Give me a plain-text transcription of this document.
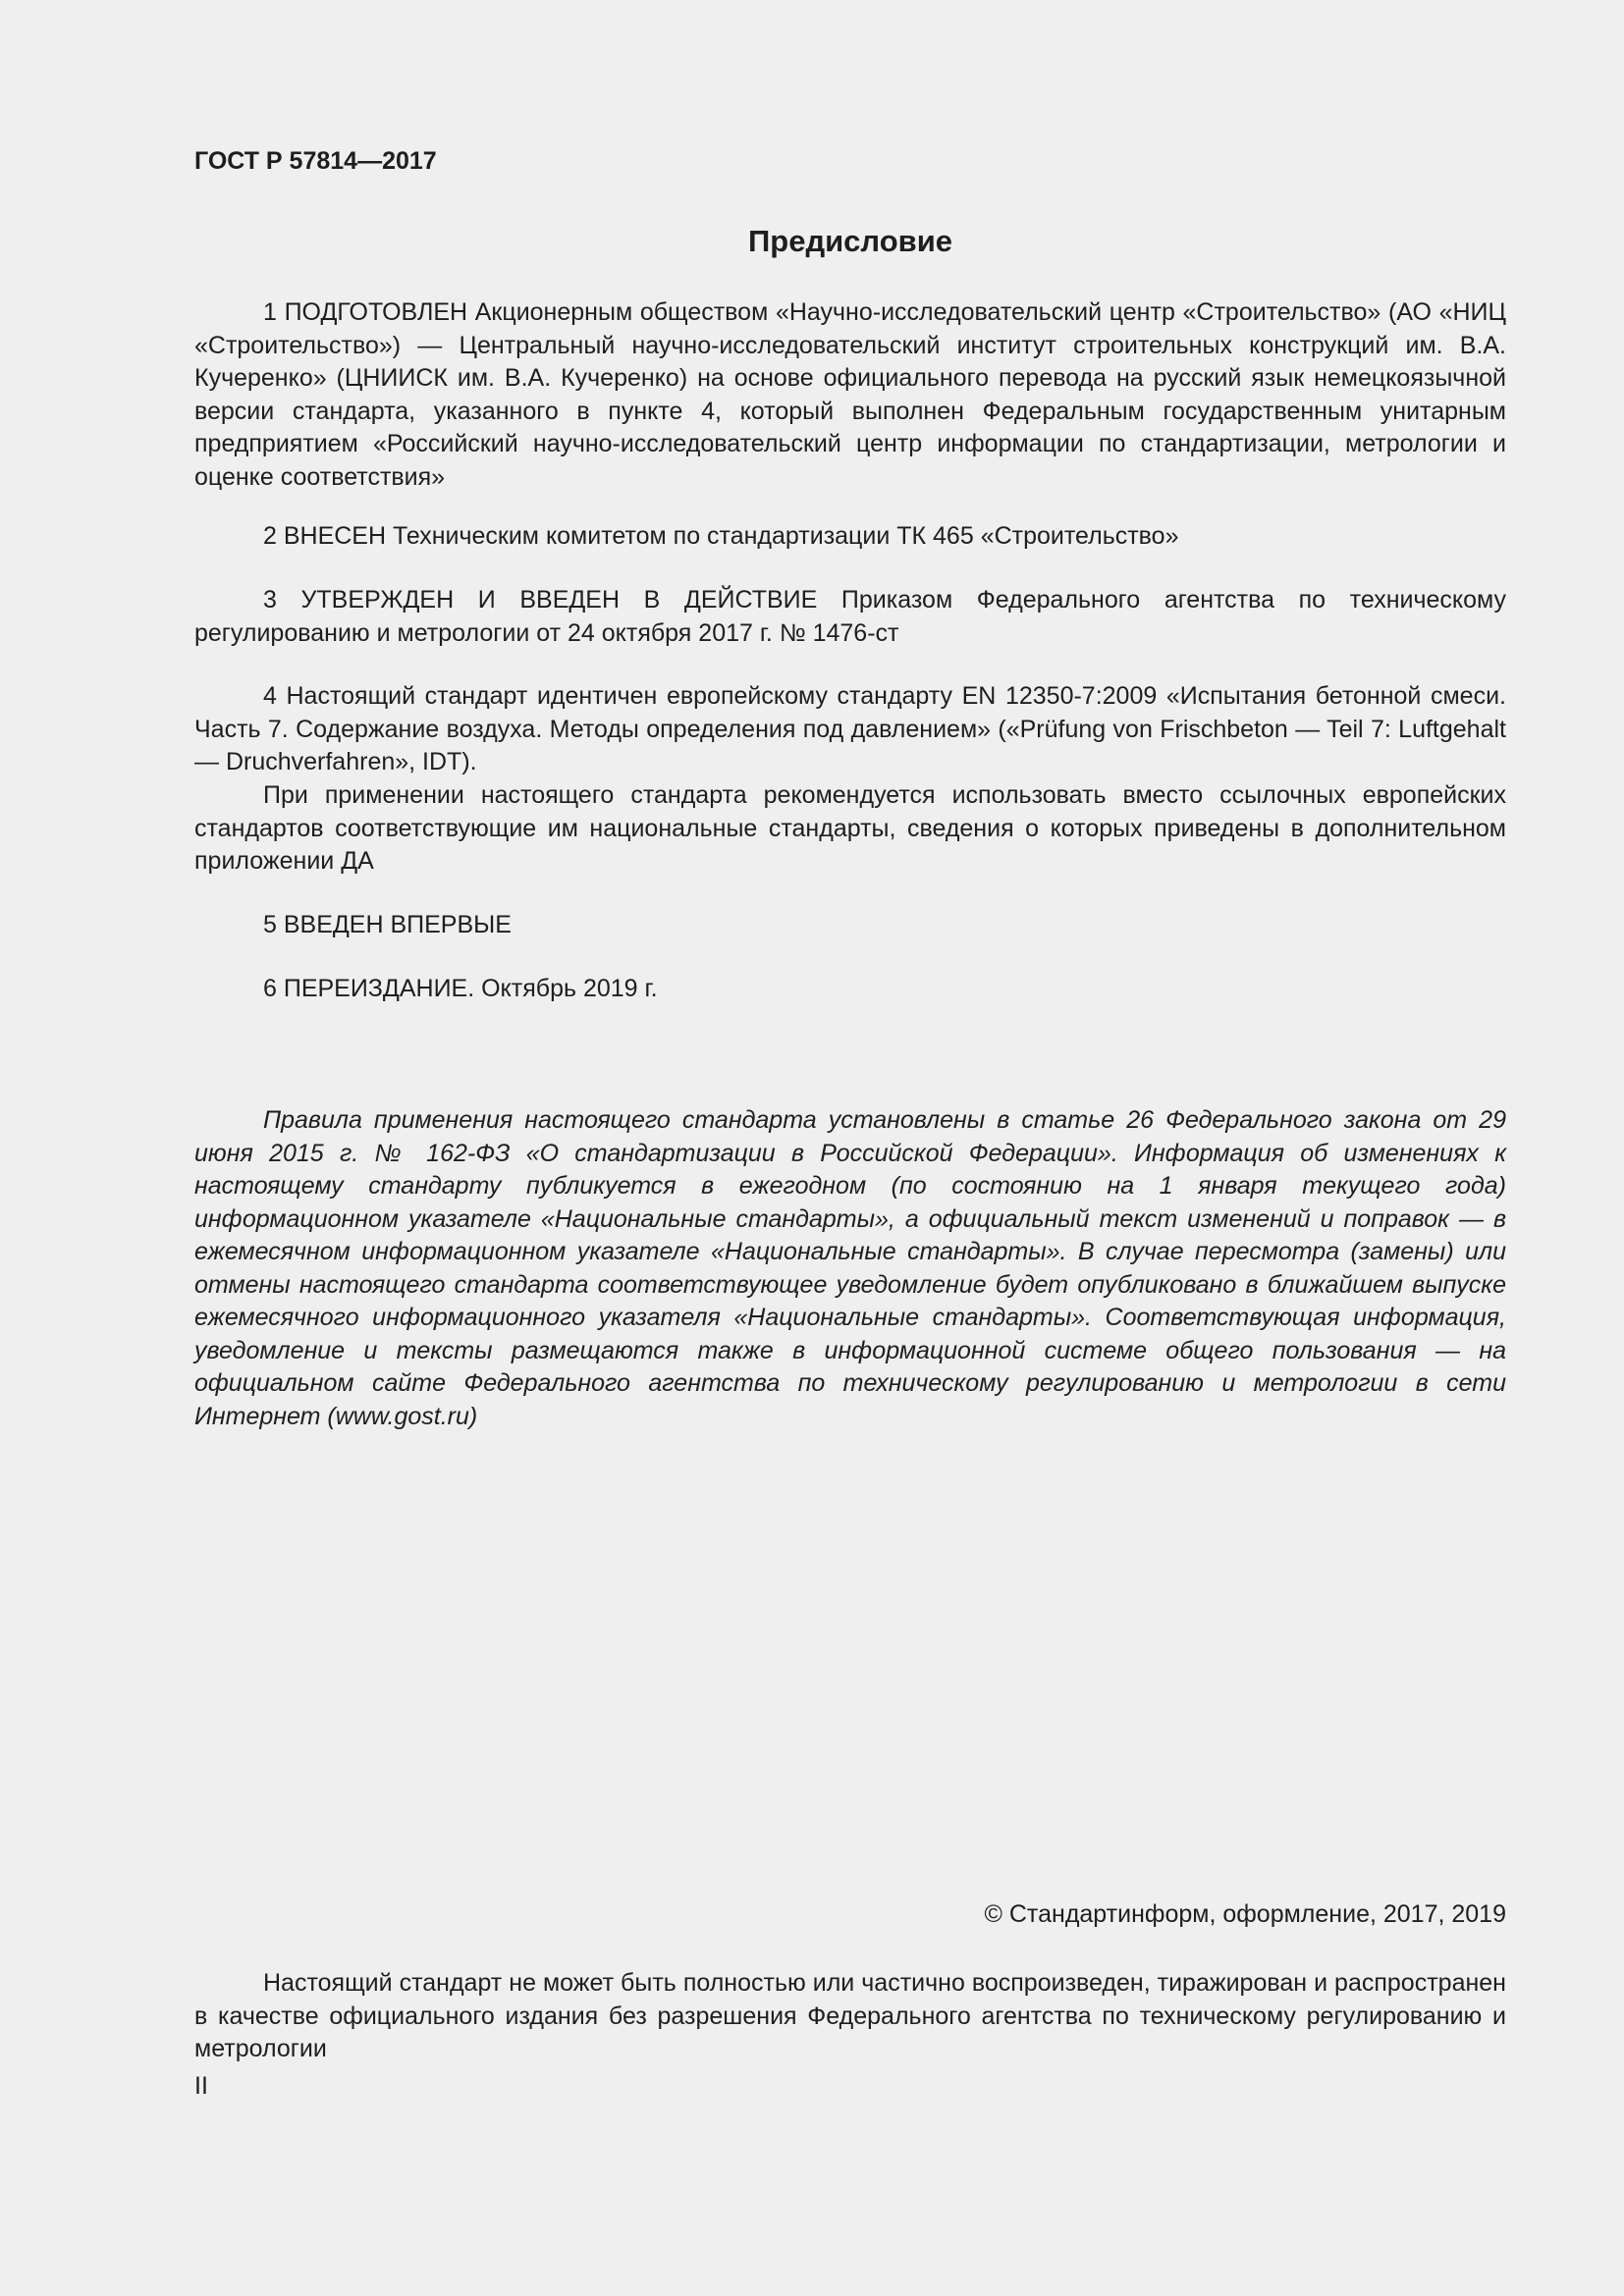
ГОСТ Р 57814—2017

Предисловие

1 ПОДГОТОВЛЕН Акционерным обществом «Научно-исследовательский центр «Строительство» (АО «НИЦ «Строительство») — Центральный научно-исследовательский институт строительных конструкций им. В.А. Кучеренко» (ЦНИИСК им. В.А. Кучеренко) на основе официального перевода на русский язык немецкоязычной версии стандарта, указанного в пункте 4, который выполнен Федеральным государственным унитарным предприятием «Российский научно-исследовательский центр информации по стандартизации, метрологии и оценке соответствия»

2 ВНЕСЕН Техническим комитетом по стандартизации ТК 465 «Строительство»

3 УТВЕРЖДЕН И ВВЕДЕН В ДЕЙСТВИЕ Приказом Федерального агентства по техническому регулированию и метрологии от 24 октября 2017 г. № 1476-ст

4 Настоящий стандарт идентичен европейскому стандарту EN 12350-7:2009 «Испытания бетонной смеси. Часть 7. Содержание воздуха. Методы определения под давлением» («Prüfung von Frischbeton — Teil 7: Luftgehalt — Druchverfahren», IDT).

При применении настоящего стандарта рекомендуется использовать вместо ссылочных европейских стандартов соответствующие им национальные стандарты, сведения о которых приведены в дополнительном приложении ДА

5 ВВЕДЕН ВПЕРВЫЕ

6 ПЕРЕИЗДАНИЕ. Октябрь 2019 г.

Правила применения настоящего стандарта установлены в статье 26 Федерального закона от 29 июня 2015 г. № 162-ФЗ «О стандартизации в Российской Федерации». Информация об изменениях к настоящему стандарту публикуется в ежегодном (по состоянию на 1 января текущего года) информационном указателе «Национальные стандарты», а официальный текст изменений и поправок — в ежемесячном информационном указателе «Национальные стандарты». В случае пересмотра (замены) или отмены настоящего стандарта соответствующее уведомление будет опубликовано в ближайшем выпуске ежемесячного информационного указателя «Национальные стандарты». Соответствующая информация, уведомление и тексты размещаются также в информационной системе общего пользования — на официальном сайте Федерального агентства по техническому регулированию и метрологии в сети Интернет (www.gost.ru)

© Стандартинформ, оформление, 2017, 2019

Настоящий стандарт не может быть полностью или частично воспроизведен, тиражирован и распространен в качестве официального издания без разрешения Федерального агентства по техническому регулированию и метрологии

II
